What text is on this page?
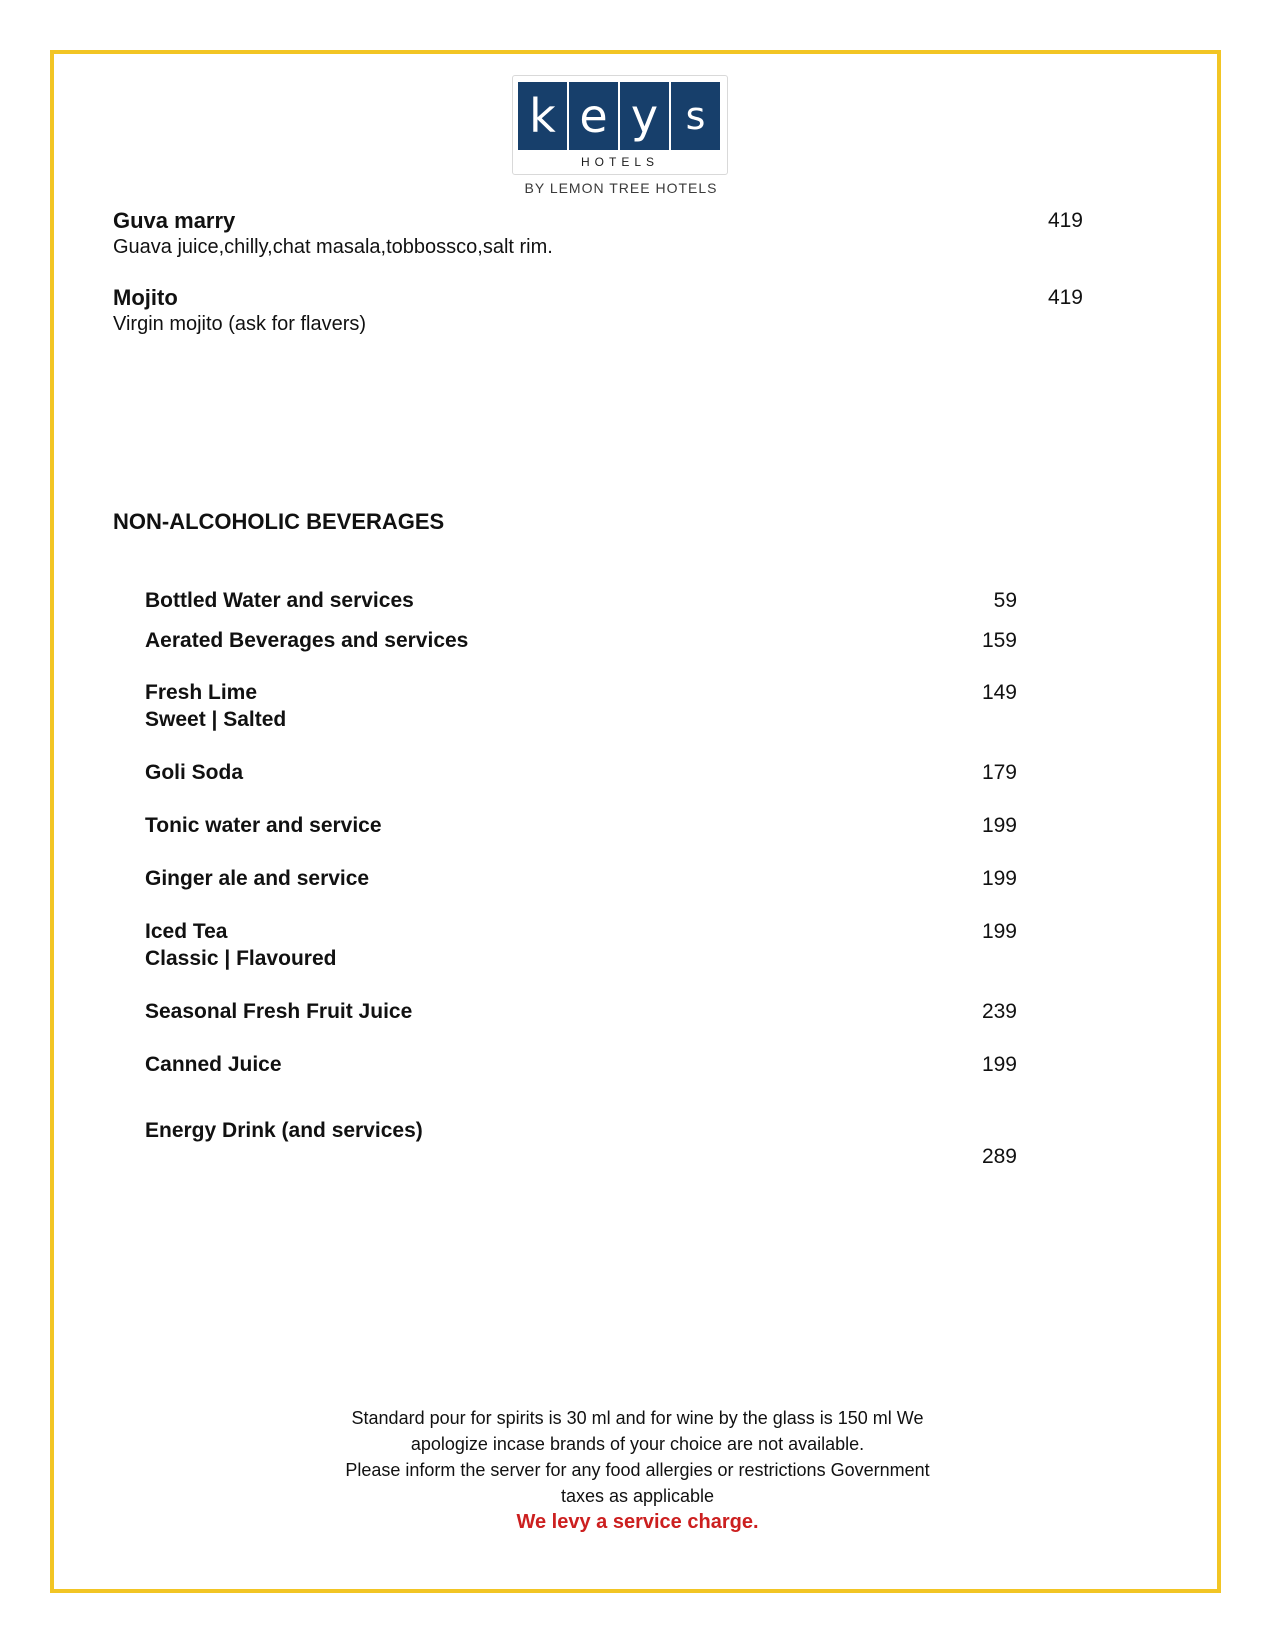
k e y s
HOTELS
BY LEMON TREE HOTELS
Guva marry
Guava juice,chilly,chat masala,tobbossco,salt rim.
419
Mojito
Virgin mojito (ask for flavers)
419
NON-ALCOHOLIC BEVERAGES
Bottled Water and services	59
Aerated Beverages and services	159
Fresh Lime
Sweet | Salted
149
Goli Soda	179
Tonic water and service	199
Ginger ale and service	199
Iced Tea
Classic | Flavoured
199
Seasonal Fresh Fruit Juice	239
Canned Juice	199
Energy Drink (and services)
289

Standard pour for spirits is 30 ml and for wine by the glass is 150 ml We

apologize incase brands of your choice are not available.

Please inform the server for any food allergies or restrictions Government

taxes as applicable

We levy a service charge.
